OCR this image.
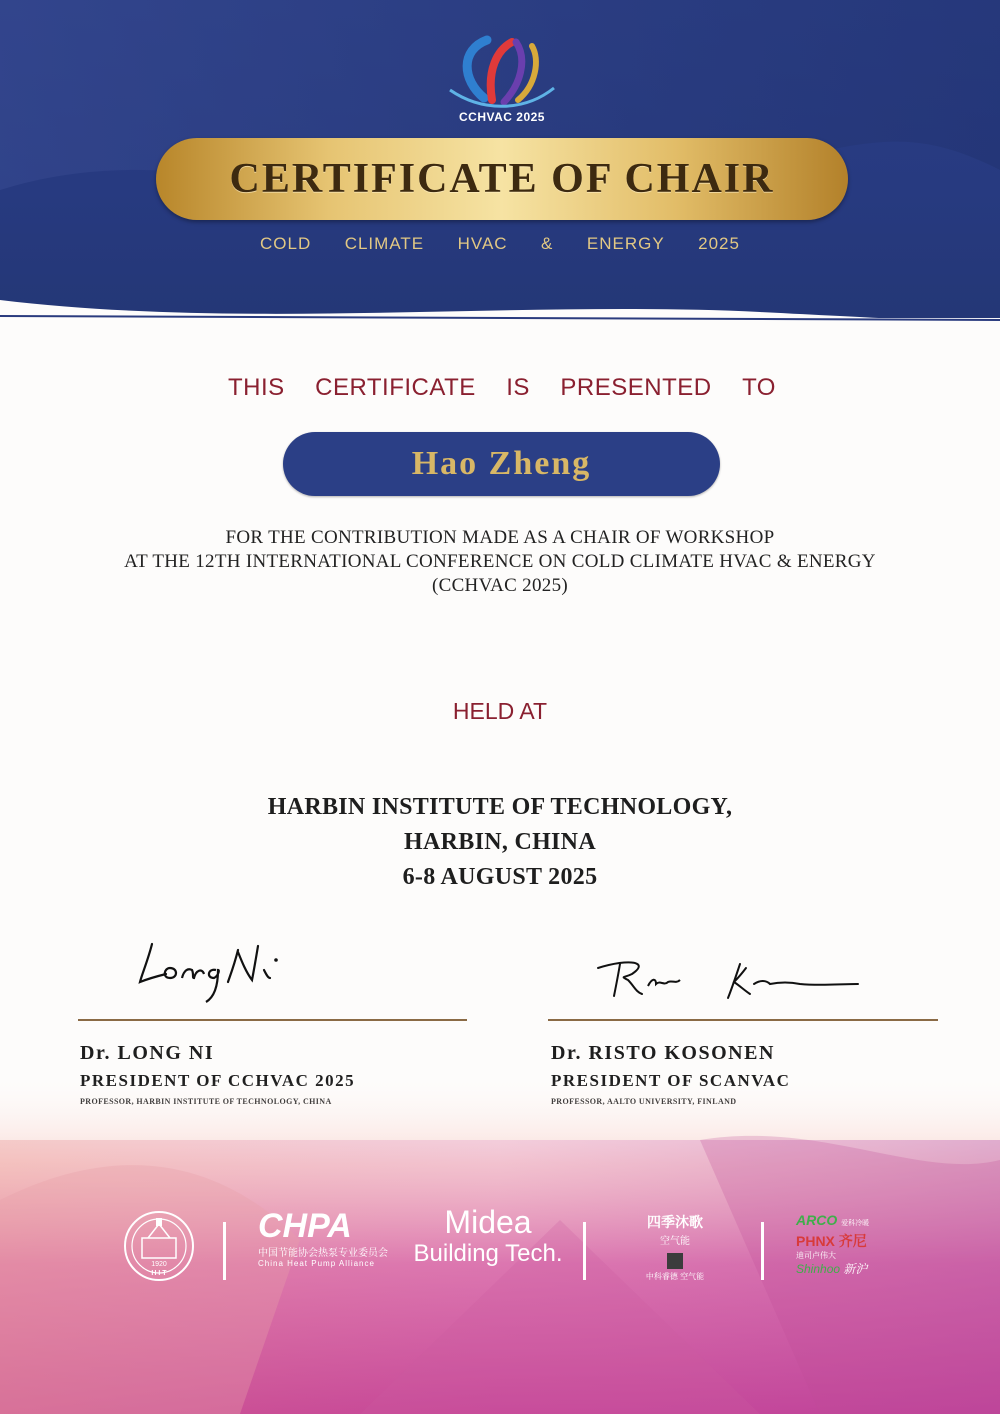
CCHVAC 2025
CERTIFICATE OF CHAIR
COLD CLIMATE HVAC & ENERGY 2025
THIS CERTIFICATE IS PRESENTED TO
Hao Zheng
FOR THE CONTRIBUTION MADE AS A CHAIR OF WORKSHOP
AT THE 12TH INTERNATIONAL CONFERENCE ON COLD CLIMATE HVAC & ENERGY
(CCHVAC 2025)
HELD AT
HARBIN INSTITUTE OF TECHNOLOGY,
HARBIN, CHINA
6-8 AUGUST 2025
Dr. LONG NI	Dr. RISTO KOSONEN
1920
H I T
CHPA
中国节能协会热泵专业委员会
China Heat Pump Alliance
Midea
Building Tech.
四季沐歌
空气能
中科睿德 空气能
ARCO 爱科冷暖
PHNX 齐尼
迪司卢伟大
Shinhoo 新沪
